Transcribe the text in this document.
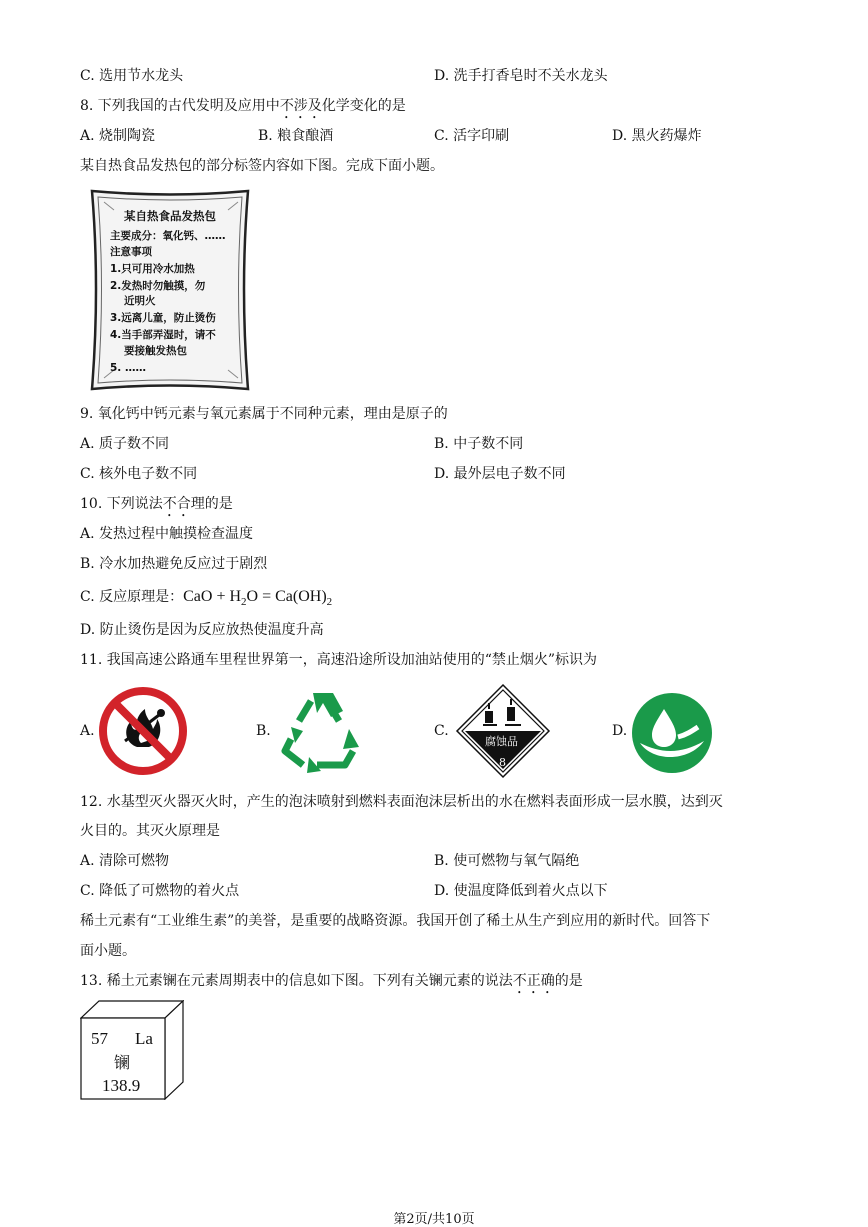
C. 选用节水龙头	D. 洗手打香皂时不关水龙头
8. 下列我国的古代发明及应用中不涉及化学变化的是
A. 烧制陶瓷	B. 粮食酿酒	C. 活字印刷	D. 黑火药爆炸
某自热食品发热包的部分标签内容如下图。完成下面小题。
某自热食品发热包
主要成分：氧化钙、……
注意事项
1.只可用冷水加热
2.发热时勿触摸，勿
近明火
3.远离儿童，防止烫伤
4.当手部弄湿时，请不
要接触发热包
5. ……
9. 氧化钙中钙元素与氧元素属于不同种元素，理由是原子的
A. 质子数不同	B. 中子数不同
C. 核外电子数不同	D. 最外层电子数不同
10. 下列说法不合理的是
A. 发热过程中触摸检查温度
B. 冷水加热避免反应过于剧烈
C. 反应原理是：CaO + $H_2O = Ca(OH)_2$
D. 防止烫伤是因为反应放热使温度升高
11. 我国高速公路通车里程世界第一，高速沿途所设加油站使用的“禁止烟火”标识为
A.	B.	C.
腐蚀品
8
D.
12. 水基型灭火器灭火时，产生的泡沫喷射到燃料表面泡沫层析出的水在燃料表面形成一层水膜，达到灭
火目的。其灭火原理是
A. 清除可燃物	B. 使可燃物与氧气隔绝
C. 降低了可燃物的着火点	D. 使温度降低到着火点以下
稀土元素有“工业维生素”的美誉，是重要的战略资源。我国开创了稀土从生产到应用的新时代。回答下
面小题。
13. 稀土元素镧在元素周期表中的信息如下图。下列有关镧元素的说法不正确的是
57 La
镧
138.9
第2页/共10页
